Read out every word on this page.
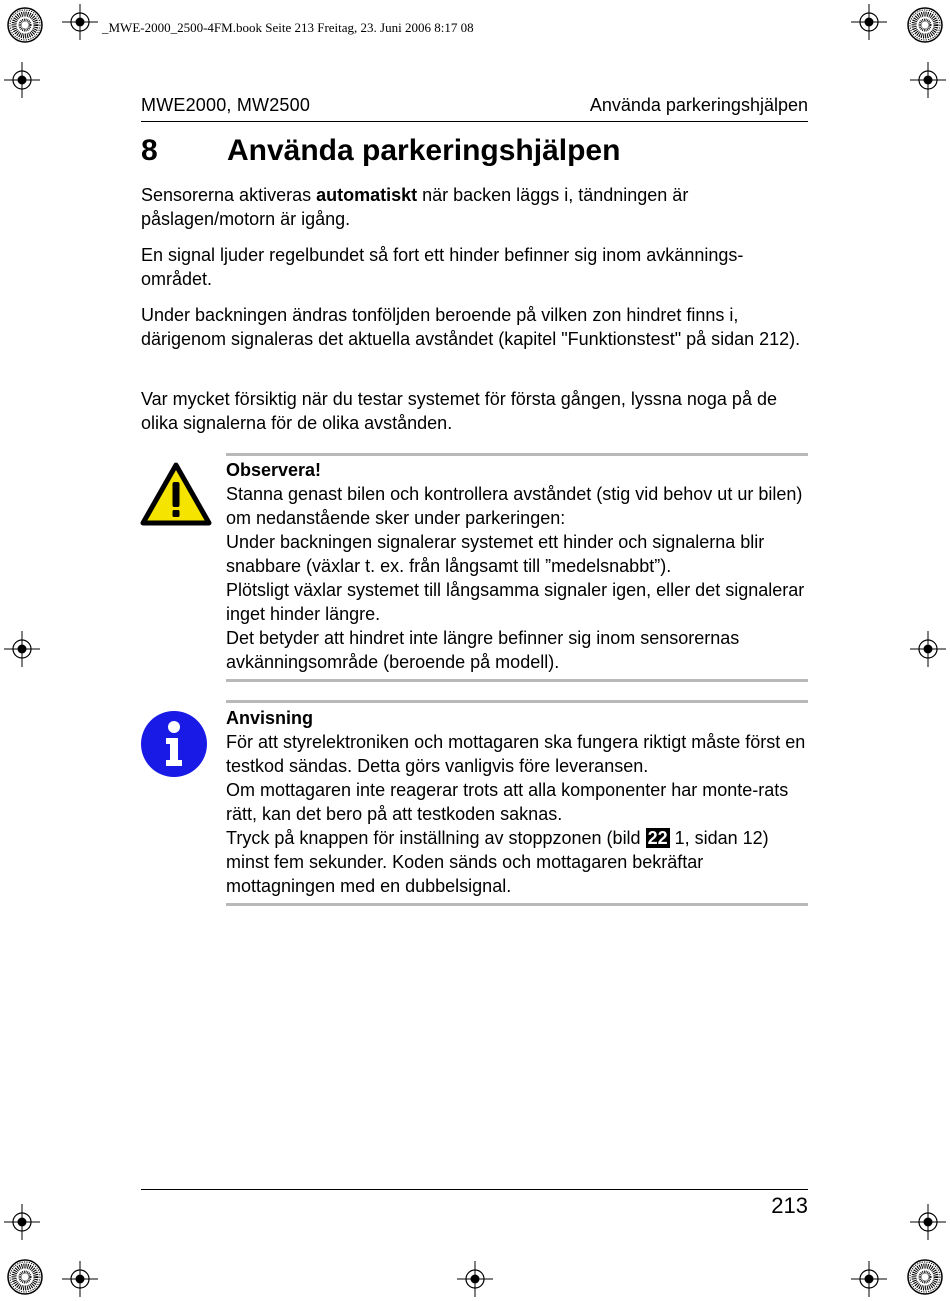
_MWE-2000_2500-4FM.book Seite 213 Freitag, 23. Juni 2006 8:17 08
MWE2000, MW2500	Använda parkeringshjälpen
8 Använda parkeringshjälpen

Sensorerna aktiveras automatiskt när backen läggs i, tändningen är påslagen/motorn är igång.

En signal ljuder regelbundet så fort ett hinder befinner sig inom avkännings-området.

Under backningen ändras tonföljden beroende på vilken zon hindret finns i, därigenom signaleras det aktuella avståndet (kapitel "Funktionstest" på sidan 212).

Var mycket försiktig när du testar systemet för första gången, lyssna noga på de olika signalerna för de olika avstånden.

Observera!
Stanna genast bilen och kontrollera avståndet (stig vid behov ut ur bilen) om nedanstående sker under parkeringen:
Under backningen signalerar systemet ett hinder och signalerna blir snabbare (växlar t. ex. från långsamt till ”medelsnabbt”).
Plötsligt växlar systemet till långsamma signaler igen, eller det signalerar inget hinder längre.
Det betyder att hindret inte längre befinner sig inom sensorernas avkänningsområde (beroende på modell).
Anvisning
För att styrelektroniken och mottagaren ska fungera riktigt måste först en testkod sändas. Detta görs vanligvis före leveransen.
Om mottagaren inte reagerar trots att alla komponenter har monte-rats rätt, kan det bero på att testkoden saknas.
Tryck på knappen för inställning av stoppzonen (bild 22 1, sidan 12) minst fem sekunder. Koden sänds och mottagaren bekräftar mottagningen med en dubbelsignal.
213
